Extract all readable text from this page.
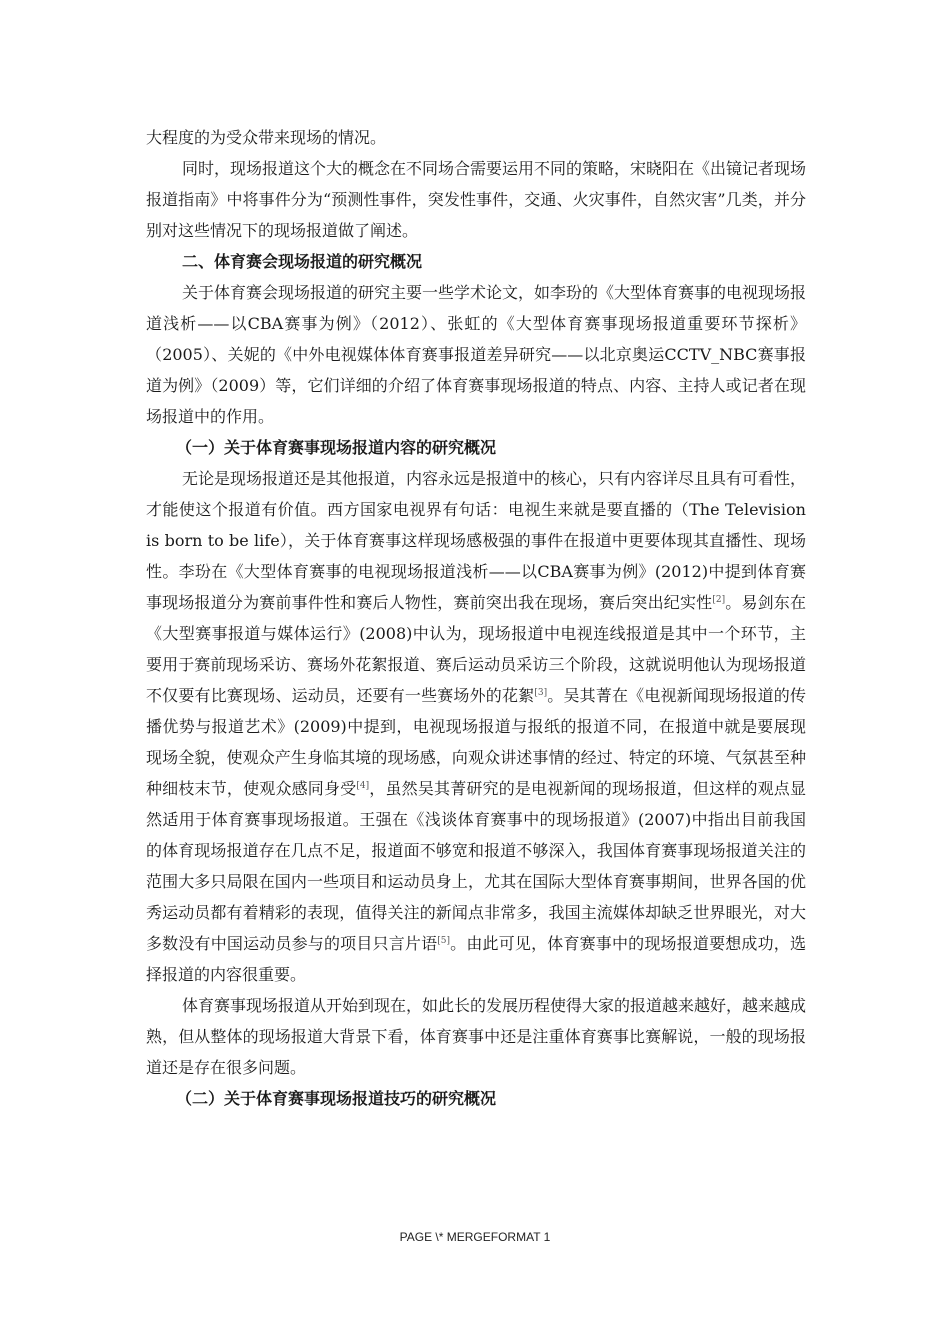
大程度的为受众带来现场的情况。

同时，现场报道这个大的概念在不同场合需要运用不同的策略，宋晓阳在《出镜记者现场报道指南》中将事件分为“预测性事件，突发性事件，交通、火灾事件，自然灾害”几类，并分别对这些情况下的现场报道做了阐述。

二、体育赛会现场报道的研究概况

关于体育赛会现场报道的研究主要一些学术论文，如李玢的《大型体育赛事的电视现场报道浅析——以CBA赛事为例》（2012）、张虹的《大型体育赛事现场报道重要环节探析》（2005）、关妮的《中外电视媒体体育赛事报道差异研究——以北京奥运CCTV_NBC赛事报道为例》（2009）等，它们详细的介绍了体育赛事现场报道的特点、内容、主持人或记者在现场报道中的作用。

（一）关于体育赛事现场报道内容的研究概况

无论是现场报道还是其他报道，内容永远是报道中的核心，只有内容详尽且具有可看性，才能使这个报道有价值。西方国家电视界有句话：电视生来就是要直播的（The Television is born to be life），关于体育赛事这样现场感极强的事件在报道中更要体现其直播性、现场性。李玢在《大型体育赛事的电视现场报道浅析——以CBA赛事为例》(2012)中提到体育赛事现场报道分为赛前事件性和赛后人物性，赛前突出我在现场，赛后突出纪实性[2]。易剑东在《大型赛事报道与媒体运行》(2008)中认为，现场报道中电视连线报道是其中一个环节，主要用于赛前现场采访、赛场外花絮报道、赛后运动员采访三个阶段，这就说明他认为现场报道不仅要有比赛现场、运动员，还要有一些赛场外的花絮[3]。吴其菁在《电视新闻现场报道的传播优势与报道艺术》(2009)中提到，电视现场报道与报纸的报道不同，在报道中就是要展现现场全貌，使观众产生身临其境的现场感，向观众讲述事情的经过、特定的环境、气氛甚至种种细枝末节，使观众感同身受[4]，虽然吴其菁研究的是电视新闻的现场报道，但这样的观点显然适用于体育赛事现场报道。王强在《浅谈体育赛事中的现场报道》(2007)中指出目前我国的体育现场报道存在几点不足，报道面不够宽和报道不够深入，我国体育赛事现场报道关注的范围大多只局限在国内一些项目和运动员身上，尤其在国际大型体育赛事期间，世界各国的优秀运动员都有着精彩的表现，值得关注的新闻点非常多，我国主流媒体却缺乏世界眼光，对大多数没有中国运动员参与的项目只言片语[5]。由此可见，体育赛事中的现场报道要想成功，选择报道的内容很重要。

体育赛事现场报道从开始到现在，如此长的发展历程使得大家的报道越来越好，越来越成熟，但从整体的现场报道大背景下看，体育赛事中还是注重体育赛事比赛解说，一般的现场报道还是存在很多问题。

（二）关于体育赛事现场报道技巧的研究概况
PAGE \* MERGEFORMAT 1
